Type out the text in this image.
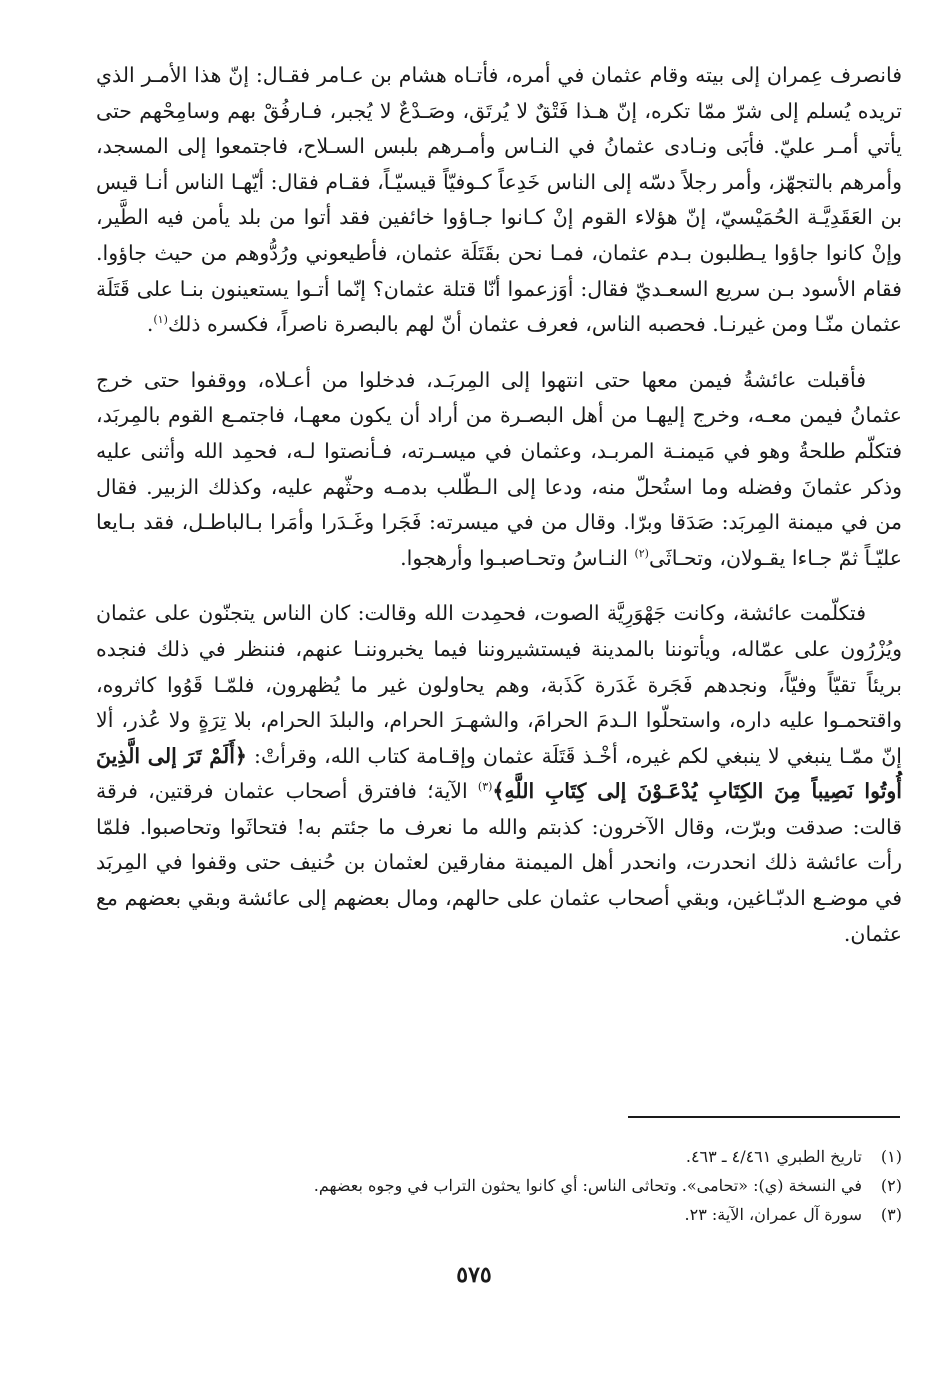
فانصرف عِمران إلى بيته وقام عثمان في أمره، فأتـاه هشام بن عـامر فقـال: إنّ هذا الأمـر الذي تريده يُسلم إلى شرّ ممّا تكره، إنّ هـذا فَتْقٌ لا يُرتَق، وصَـدْعٌ لا يُجبر، فـارفُقْ بهم وسامِحْهم حتى يأتي أمـر عليّ. فأبَى ونـادى عثمانُ في النـاس وأمـرهم بلبس السـلاح، فاجتمعوا إلى المسجد، وأمرهم بالتجهّز، وأمر رجلاً دسّه إلى الناس خَدِعاً كـوفيّاً قيسيّـاً، فقـام فقال: أيّهـا الناس أنـا قيس بن العَقَدِيَّـة الحُمَيْسيّ، إنّ هؤلاء القوم إنْ كـانوا جـاؤوا خائفين فقد أتوا من بلد يأمن فيه الطَّير، وإنْ كانوا جاؤوا يـطلبون بـدم عثمان، فمـا نحن بقَتَلَة عثمان، فأطيعوني ورُدُّوهم من حيث جاؤوا. فقام الأسود بـن سريع السعـديّ فقال: أوَزعموا أنّا قتلة عثمان؟ إنّما أتـوا يستعينون بنـا على قَتَلَة عثمان منّـا ومن غيرنـا. فحصبه الناس، فعرف عثمان أنّ لهم بالبصرة ناصراً، فكسره ذلك$^{(١)}$.

فأقبلت عائشةُ فيمن معها حتى انتهوا إلى المِربَـد، فدخلوا من أعـلاه، ووقفوا حتى خرج عثمانُ فيمن معـه، وخرج إليهـا من أهل البصـرة من أراد أن يكون معهـا، فاجتمـع القوم بالمِربَد، فتكلّم طلحةُ وهو في مَيمنـة المربـد، وعثمان في ميسـرته، فـأنصتوا لـه، فحمِد الله وأثنى عليه وذكر عثمانَ وفضله وما استُحلّ منه، ودعا إلى الـطّلب بدمـه وحثّهم عليه، وكذلك الزبير. فقال من في ميمنة المِربَد: صَدَقا وبرّا. وقال من في ميسرته: فَجَرا وغَـدَرا وأمَرا بـالباطـل، فقد بـايعا عليّـاً ثمّ جـاءا يقـولان، وتحـاثَى$^{(٢)}$ النـاسُ وتحـاصبـوا وأرهجوا.

فتكلّمت عائشة، وكانت جَهْوَرِيَّة الصوت، فحمِدت الله وقالت: كان الناس يتجنّون على عثمان ويُزْرُون على عمّاله، ويأتوننا بالمدينة فيستشيروننا فيما يخبروننـا عنهم، فننظر في ذلك فنجده بريئاً تقيّاً وفيّاً، ونجدهم فَجَرة غَدَرة كَذَبة، وهم يحاولون غير ما يُظهرون، فلمّـا قَوُوا كاثروه، واقتحمـوا عليه داره، واستحلّوا الـدمَ الحرامَ، والشهـرَ الحرام، والبلدَ الحرام، بلا تِرَةٍ ولا عُذر، ألا إنّ ممّـا ينبغي لا ينبغي لكم غيره، أخْـذ قَتَلَة عثمان وإقـامة كتاب الله، وقرأتْ: ﴿أَلَمْ تَرَ إلى الَّذِينَ أُوتُوا نَصِيباً مِنَ الكِتَابِ يُدْعَـوْنَ إلى كِتَابِ اللَّهِ﴾$^{(٣)}$ الآية؛ فافترق أصحاب عثمان فرقتين، فرقة قالت: صدقت وبرّت، وقال الآخرون: كذبتم والله ما نعرف ما جئتم به! فتحاثَوا وتحاصبوا. فلمّا رأت عائشة ذلك انحدرت، وانحدر أهل الميمنة مفارقين لعثمان بن حُنيف حتى وقفوا في المِربَد في موضـع الدبّـاغين، وبقي أصحاب عثمان على حالهم، ومال بعضهم إلى عائشة وبقي بعضهم مع عثمان.

(١)
تاريخ الطبري ٤/٤٦١ ـ ٤٦٣.
(٢)
في النسخة (ي): «تحامى». وتحاثى الناس: أي كانوا يحثون التراب في وجوه بعضهم.
(٣)
سورة آل عمران، الآية: ٢٣.
٥٧٥
